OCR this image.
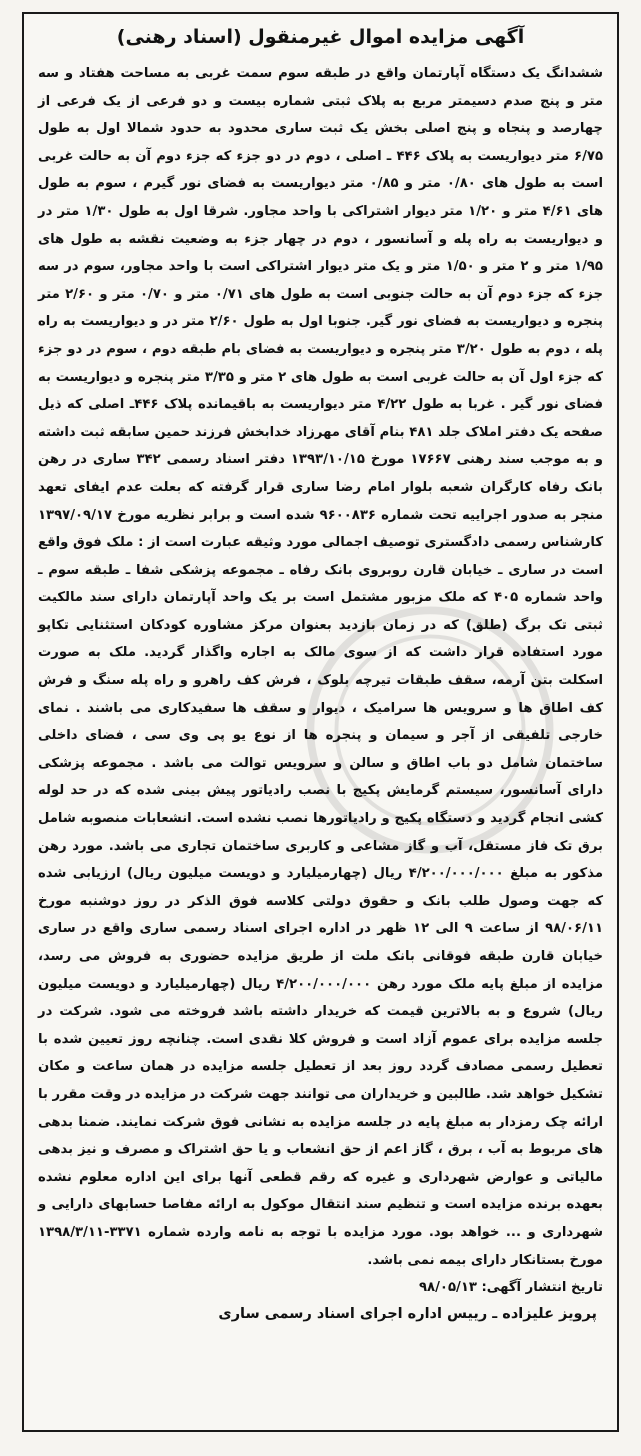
آگهی مزایده اموال غیرمنقول (اسناد رهنی)

ششدانگ یک دستگاه آپارتمان واقع در طبقه سوم سمت غربی به مساحت هفتاد و سه متر و پنج صدم دسیمتر مربع به پلاک ثبتی شماره بیست و دو فرعی از یک فرعی از چهارصد و پنجاه و پنج اصلی بخش یک ثبت ساری محدود به حدود شمالا اول به طول ۶/۷۵ متر دیواریست به پلاک ۴۴۶ ـ اصلی ، دوم در دو جزء که جزء دوم آن به حالت غربی است به طول های ۰/۸۰ متر و ۰/۸۵ متر دیواریست به فضای نور گیرم ، سوم به طول های ۴/۶۱ متر و ۱/۲۰ متر دیوار اشتراکی با واحد مجاور. شرقا اول به طول ۱/۳۰ متر در و دیواریست به راه پله و آسانسور ، دوم در چهار جزء به وضعیت نقشه به طول های ۱/۹۵ متر و ۲ متر و ۱/۵۰ متر و یک متر دیوار اشتراکی است با واحد مجاور، سوم در سه جزء که جزء دوم آن به حالت جنوبی است به طول های ۰/۷۱ متر و ۰/۷۰ متر و ۲/۶۰ متر پنجره و دیواریست به فضای نور گیر. جنوبا اول به طول ۲/۶۰ متر در و دیواریست به راه پله ، دوم به طول ۳/۲۰ متر پنجره و دیواریست به فضای بام طبقه دوم ، سوم در دو جزء که جزء اول آن به حالت غربی است به طول های ۲ متر و ۳/۳۵ متر پنجره و دیواریست به فضای نور گیر . غربا به طول ۴/۲۲ متر دیواریست به باقیمانده پلاک ۴۴۶ـ اصلی که ذیل صفحه یک دفتر املاک جلد ۴۸۱ بنام آقای مهرزاد خدابخش فرزند حمین سابقه ثبت داشته و به موجب سند رهنی ۱۷۶۶۷ مورخ ۱۳۹۳/۱۰/۱۵ دفتر اسناد رسمی ۳۴۲ ساری در رهن بانک رفاه کارگران شعبه بلوار امام رضا ساری قرار گرفته که بعلت عدم ایفای تعهد منجر به صدور اجراییه تحت شماره ۹۶۰۰۸۳۶ شده است و برابر نظریه مورخ ۱۳۹۷/۰۹/۱۷ کارشناس رسمی دادگستری توصیف اجمالی مورد وثیقه عبارت است از : ملک فوق واقع است در ساری ـ خیابان قارن روبروی بانک رفاه ـ مجموعه پزشکی شفا ـ طبقه سوم ـ واحد شماره ۴۰۵ که ملک مزبور مشتمل است بر یک واحد آپارتمان دارای سند مالکیت ثبتی تک برگ (طلق) که در زمان بازدید بعنوان مرکز مشاوره کودکان استثنایی تکاپو مورد استفاده قرار داشت که از سوی مالک به اجاره واگذار گردید. ملک به صورت اسکلت بتن آرمه، سقف طبقات تیرچه بلوک ، فرش کف راهرو و راه پله سنگ و فرش کف اطاق ها و سرویس ها سرامیک ، دیوار و سقف ها سفیدکاری می باشند . نمای خارجی تلفیقی از آجر و سیمان و پنجره ها از نوع یو پی وی سی ، فضای داخلی ساختمان شامل دو باب اطاق و سالن و سرویس توالت می باشد . مجموعه پزشکی دارای آسانسور، سیستم گرمایش پکیج با نصب رادیاتور پیش بینی شده که در حد لوله کشی انجام گردید و دستگاه پکیج و رادیاتورها نصب نشده است. انشعابات منصوبه شامل برق تک فاز مستقل، آب و گاز مشاعی و کاربری ساختمان تجاری می باشد. مورد رهن مذکور به مبلغ ۴/۲۰۰/۰۰۰/۰۰۰ ریال (چهارمیلیارد و دویست میلیون ریال) ارزیابی شده که جهت وصول طلب بانک و حقوق دولتی کلاسه فوق الذکر در روز دوشنبه مورخ ۹۸/۰۶/۱۱ از ساعت ۹ الی ۱۲ ظهر در اداره اجرای اسناد رسمی ساری واقع در ساری خیابان قارن طبقه فوقانی بانک ملت از طریق مزایده حضوری به فروش می رسد، مزایده از مبلغ پایه ملک مورد رهن ۴/۲۰۰/۰۰۰/۰۰۰ ریال (چهارمیلیارد و دویست میلیون ریال) شروع و به بالاترین قیمت که خریدار داشته باشد فروخته می شود. شرکت در جلسه مزایده برای عموم آزاد است و فروش کلا نقدی است. چنانچه روز تعیین شده با تعطیل رسمی مصادف گردد روز بعد از تعطیل جلسه مزایده در همان ساعت و مکان تشکیل خواهد شد. طالبین و خریداران می توانند جهت شرکت در مزایده در وقت مقرر با ارائه چک رمزدار به مبلغ پایه در جلسه مزایده به نشانی فوق شرکت نمایند. ضمنا بدهی های مربوط به آب ، برق ، گاز اعم از حق انشعاب و یا حق اشتراک و مصرف و نیز بدهی مالیاتی و عوارض شهرداری و غیره که رقم قطعی آنها برای این اداره معلوم نشده بعهده برنده مزایده است و تنظیم سند انتقال موکول به ارائه مفاصا حسابهای دارایی و شهرداری و ... خواهد بود. مورد مزایده با توجه به نامه وارده شماره ۳۳۷۱-۱۳۹۸/۳/۱۱ مورخ بستانکار دارای بیمه نمی باشد.

تاریخ انتشار آگهی: ۹۸/۰۵/۱۳
پرویز علیزاده ـ رییس اداره اجرای اسناد رسمی ساری
